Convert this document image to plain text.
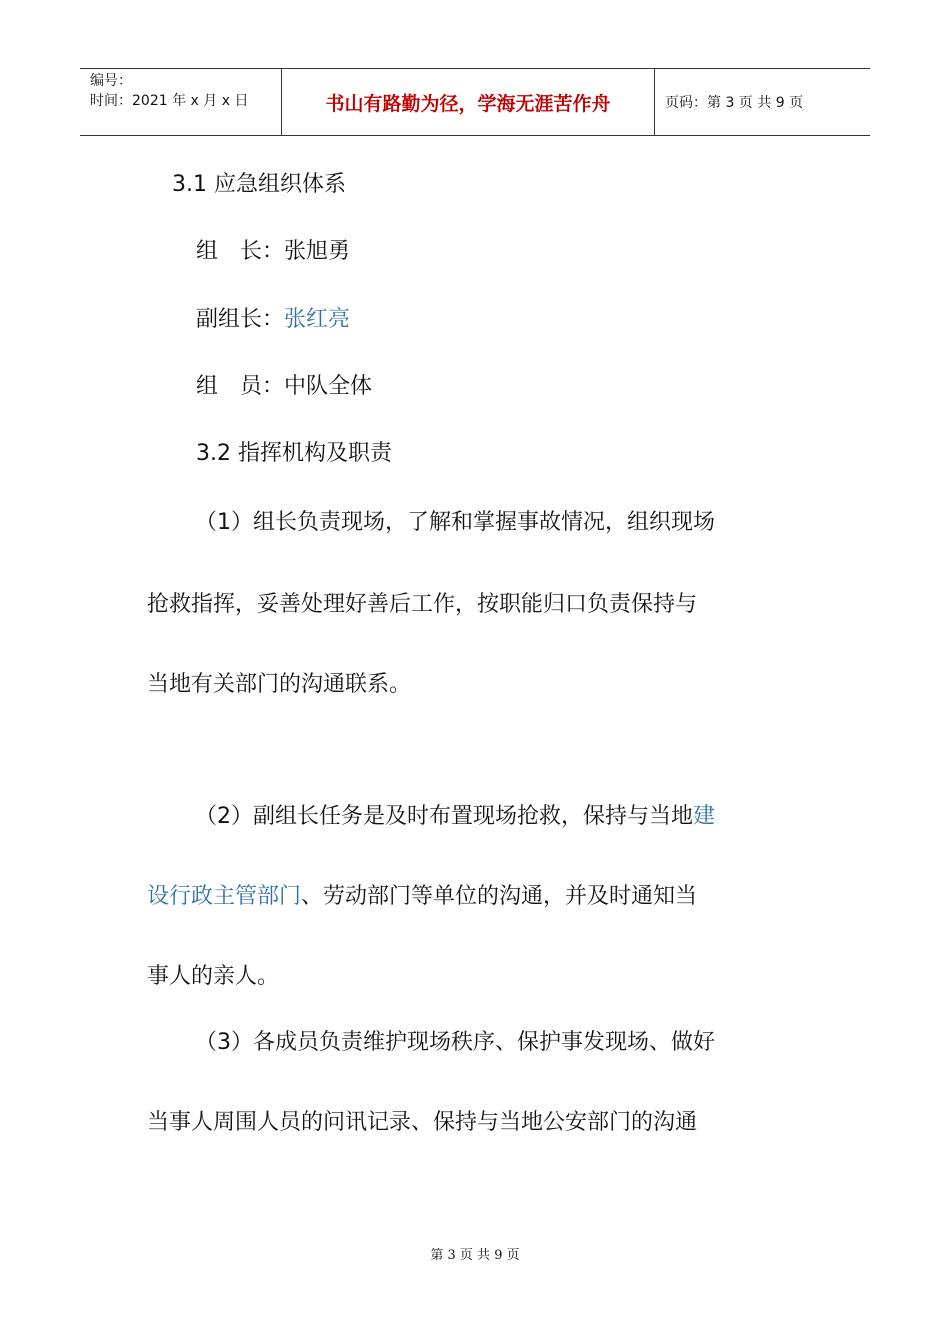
编号：
时间：2021 年 x 月 x 日	书山有路勤为径，学海无涯苦作舟	页码：第 3 页 共 9 页

3.1 应急组织体系

组　长：张旭勇

副组长：张红亮

组　员：中队全体

3.2 指挥机构及职责

（1）组长负责现场，了解和掌握事故情况，组织现场

抢救指挥，妥善处理好善后工作，按职能归口负责保持与

当地有关部门的沟通联系。

（2）副组长任务是及时布置现场抢救，保持与当地建

设行政主管部门、劳动部门等单位的沟通，并及时通知当

事人的亲人。

（3）各成员负责维护现场秩序、保护事发现场、做好

当事人周围人员的问讯记录、保持与当地公安部门的沟通

第 3 页 共 9 页
